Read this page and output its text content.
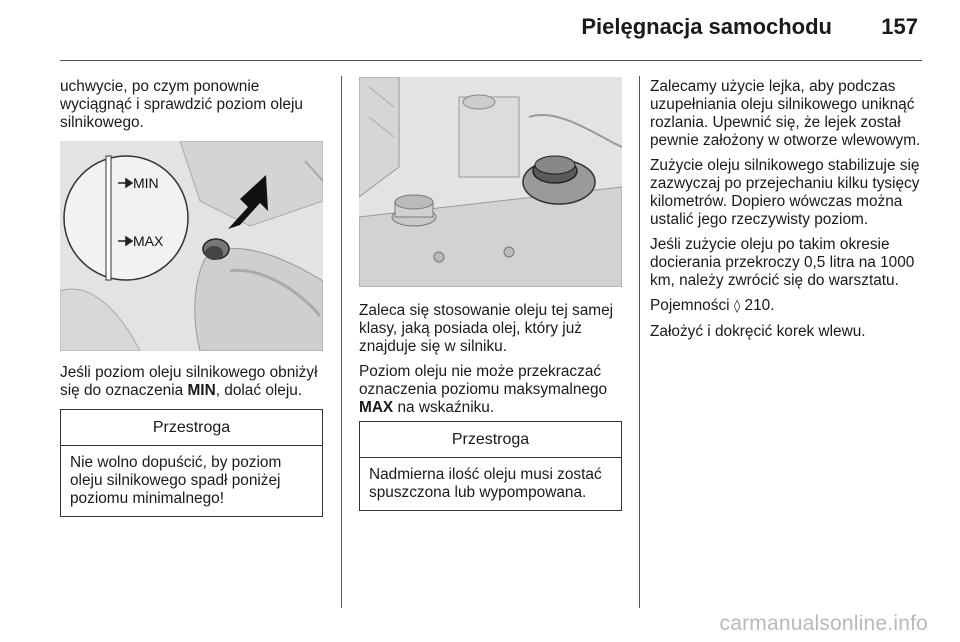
Pielęgnacja samochodu 157

uchwycie, po czym ponownie wyciągnąć i sprawdzić poziom oleju silnikowego.

MIN
MAX

Jeśli poziom oleju silnikowego obniżył się do oznaczenia MIN, dolać oleju.

Przestroga
Nie wolno dopuścić, by poziom oleju silnikowego spadł poniżej poziomu minimalnego!

Zaleca się stosowanie oleju tej samej klasy, jaką posiada olej, który już znajduje się w silniku.

Poziom oleju nie może przekraczać oznaczenia poziomu maksymalnego MAX na wskaźniku.

Przestroga
Nadmierna ilość oleju musi zostać spuszczona lub wypompowana.

Zalecamy użycie lejka, aby podczas uzupełniania oleju silnikowego uniknąć rozlania. Upewnić się, że lejek został pewnie założony w otworze wlewowym.

Zużycie oleju silnikowego stabilizuje się zazwyczaj po przejechaniu kilku tysięcy kilometrów. Dopiero wówczas można ustalić jego rzeczywisty poziom.

Jeśli zużycie oleju po takim okresie docierania przekroczy 0,5 litra na 1000 km, należy zwrócić się do warsztatu.

Pojemności ◊ 210.

Założyć i dokręcić korek wlewu.

carmanualsonline.info
